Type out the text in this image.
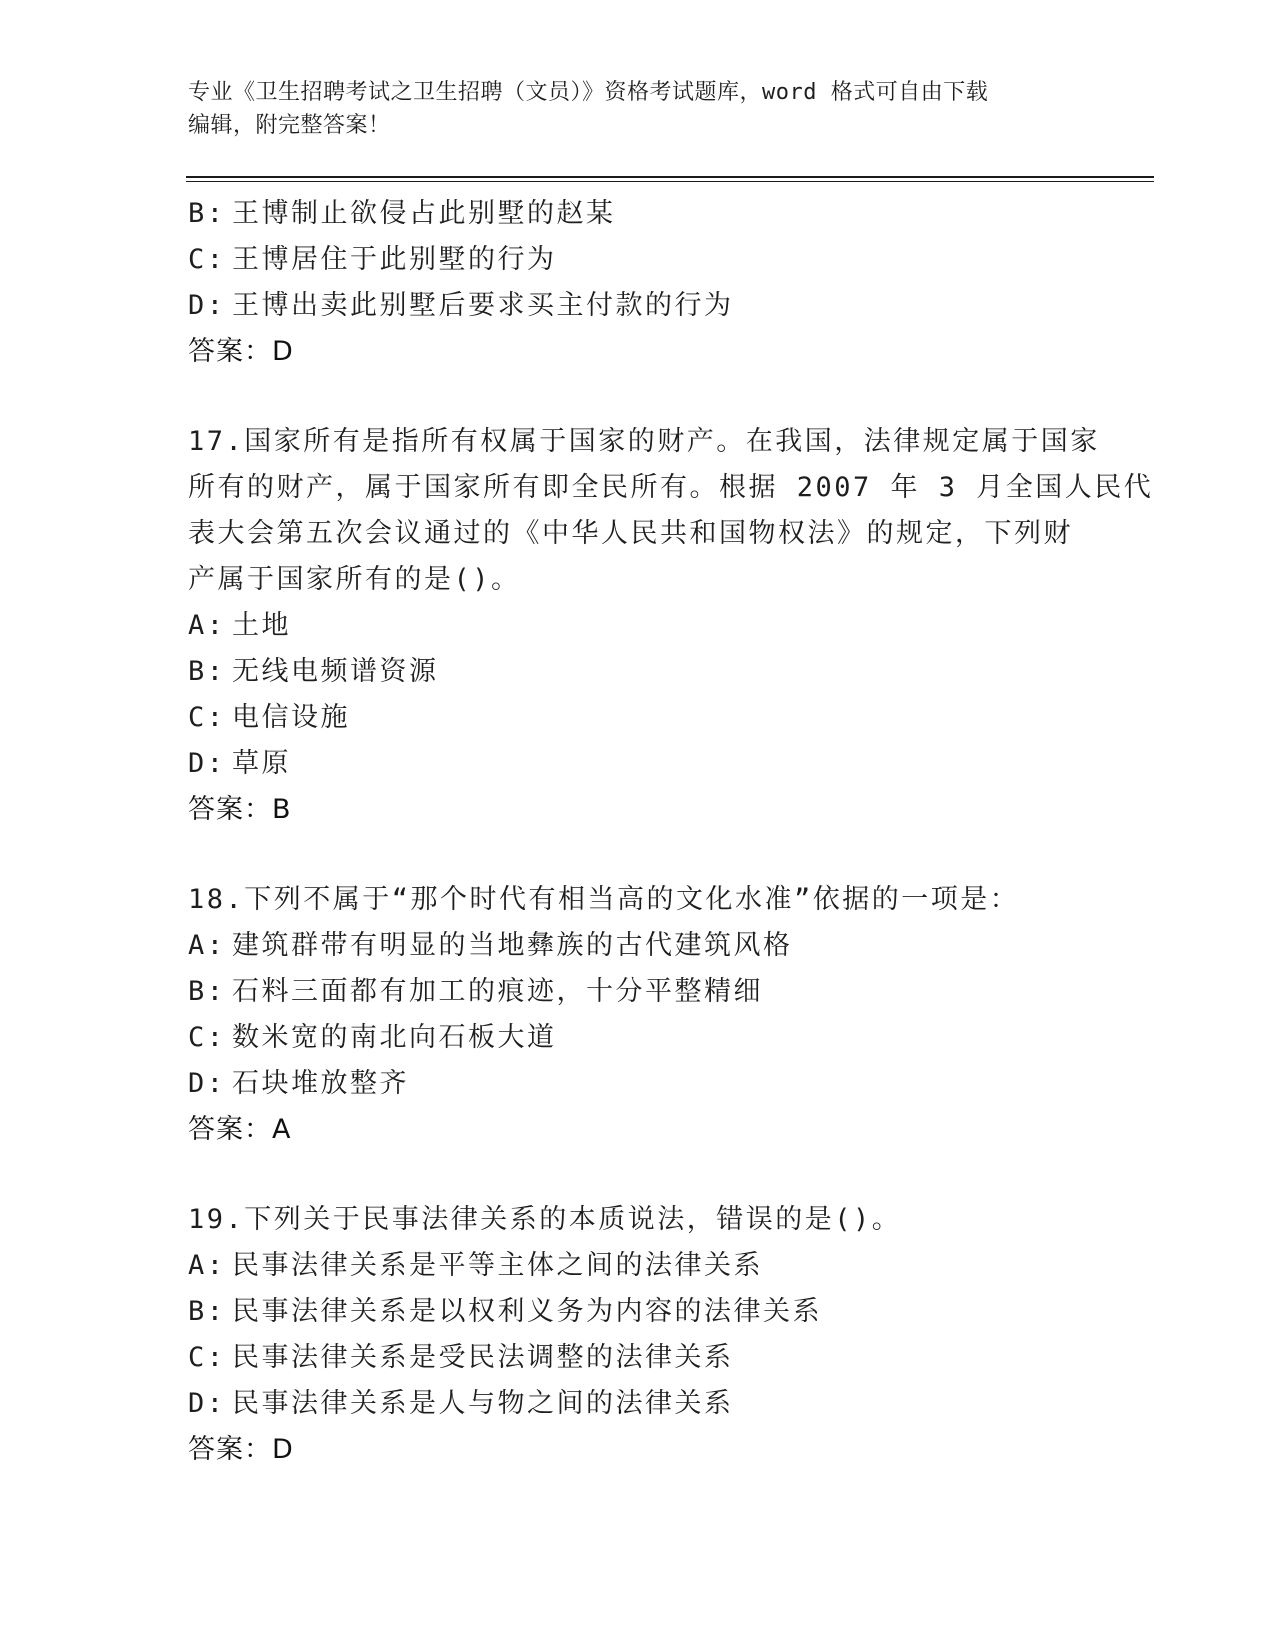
专业《卫生招聘考试之卫生招聘（文员）》资格考试题库，word 格式可自由下载
编辑，附完整答案！
B: 王博制止欲侵占此别墅的赵某
C: 王博居住于此别墅的行为
D: 王博出卖此别墅后要求买主付款的行为
答案：D
17.国家所有是指所有权属于国家的财产。在我国，法律规定属于国家
所有的财产，属于国家所有即全民所有。根据 2007 年 3 月全国人民代
表大会第五次会议通过的《中华人民共和国物权法》的规定，下列财
产属于国家所有的是()。
A: 土地
B: 无线电频谱资源
C: 电信设施
D: 草原
答案：B
18.下列不属于“那个时代有相当高的文化水准”依据的一项是：
A: 建筑群带有明显的当地彝族的古代建筑风格
B: 石料三面都有加工的痕迹，十分平整精细
C: 数米宽的南北向石板大道
D: 石块堆放整齐
答案：A
19.下列关于民事法律关系的本质说法，错误的是()。
A: 民事法律关系是平等主体之间的法律关系
B: 民事法律关系是以权利义务为内容的法律关系
C: 民事法律关系是受民法调整的法律关系
D: 民事法律关系是人与物之间的法律关系
答案：D
